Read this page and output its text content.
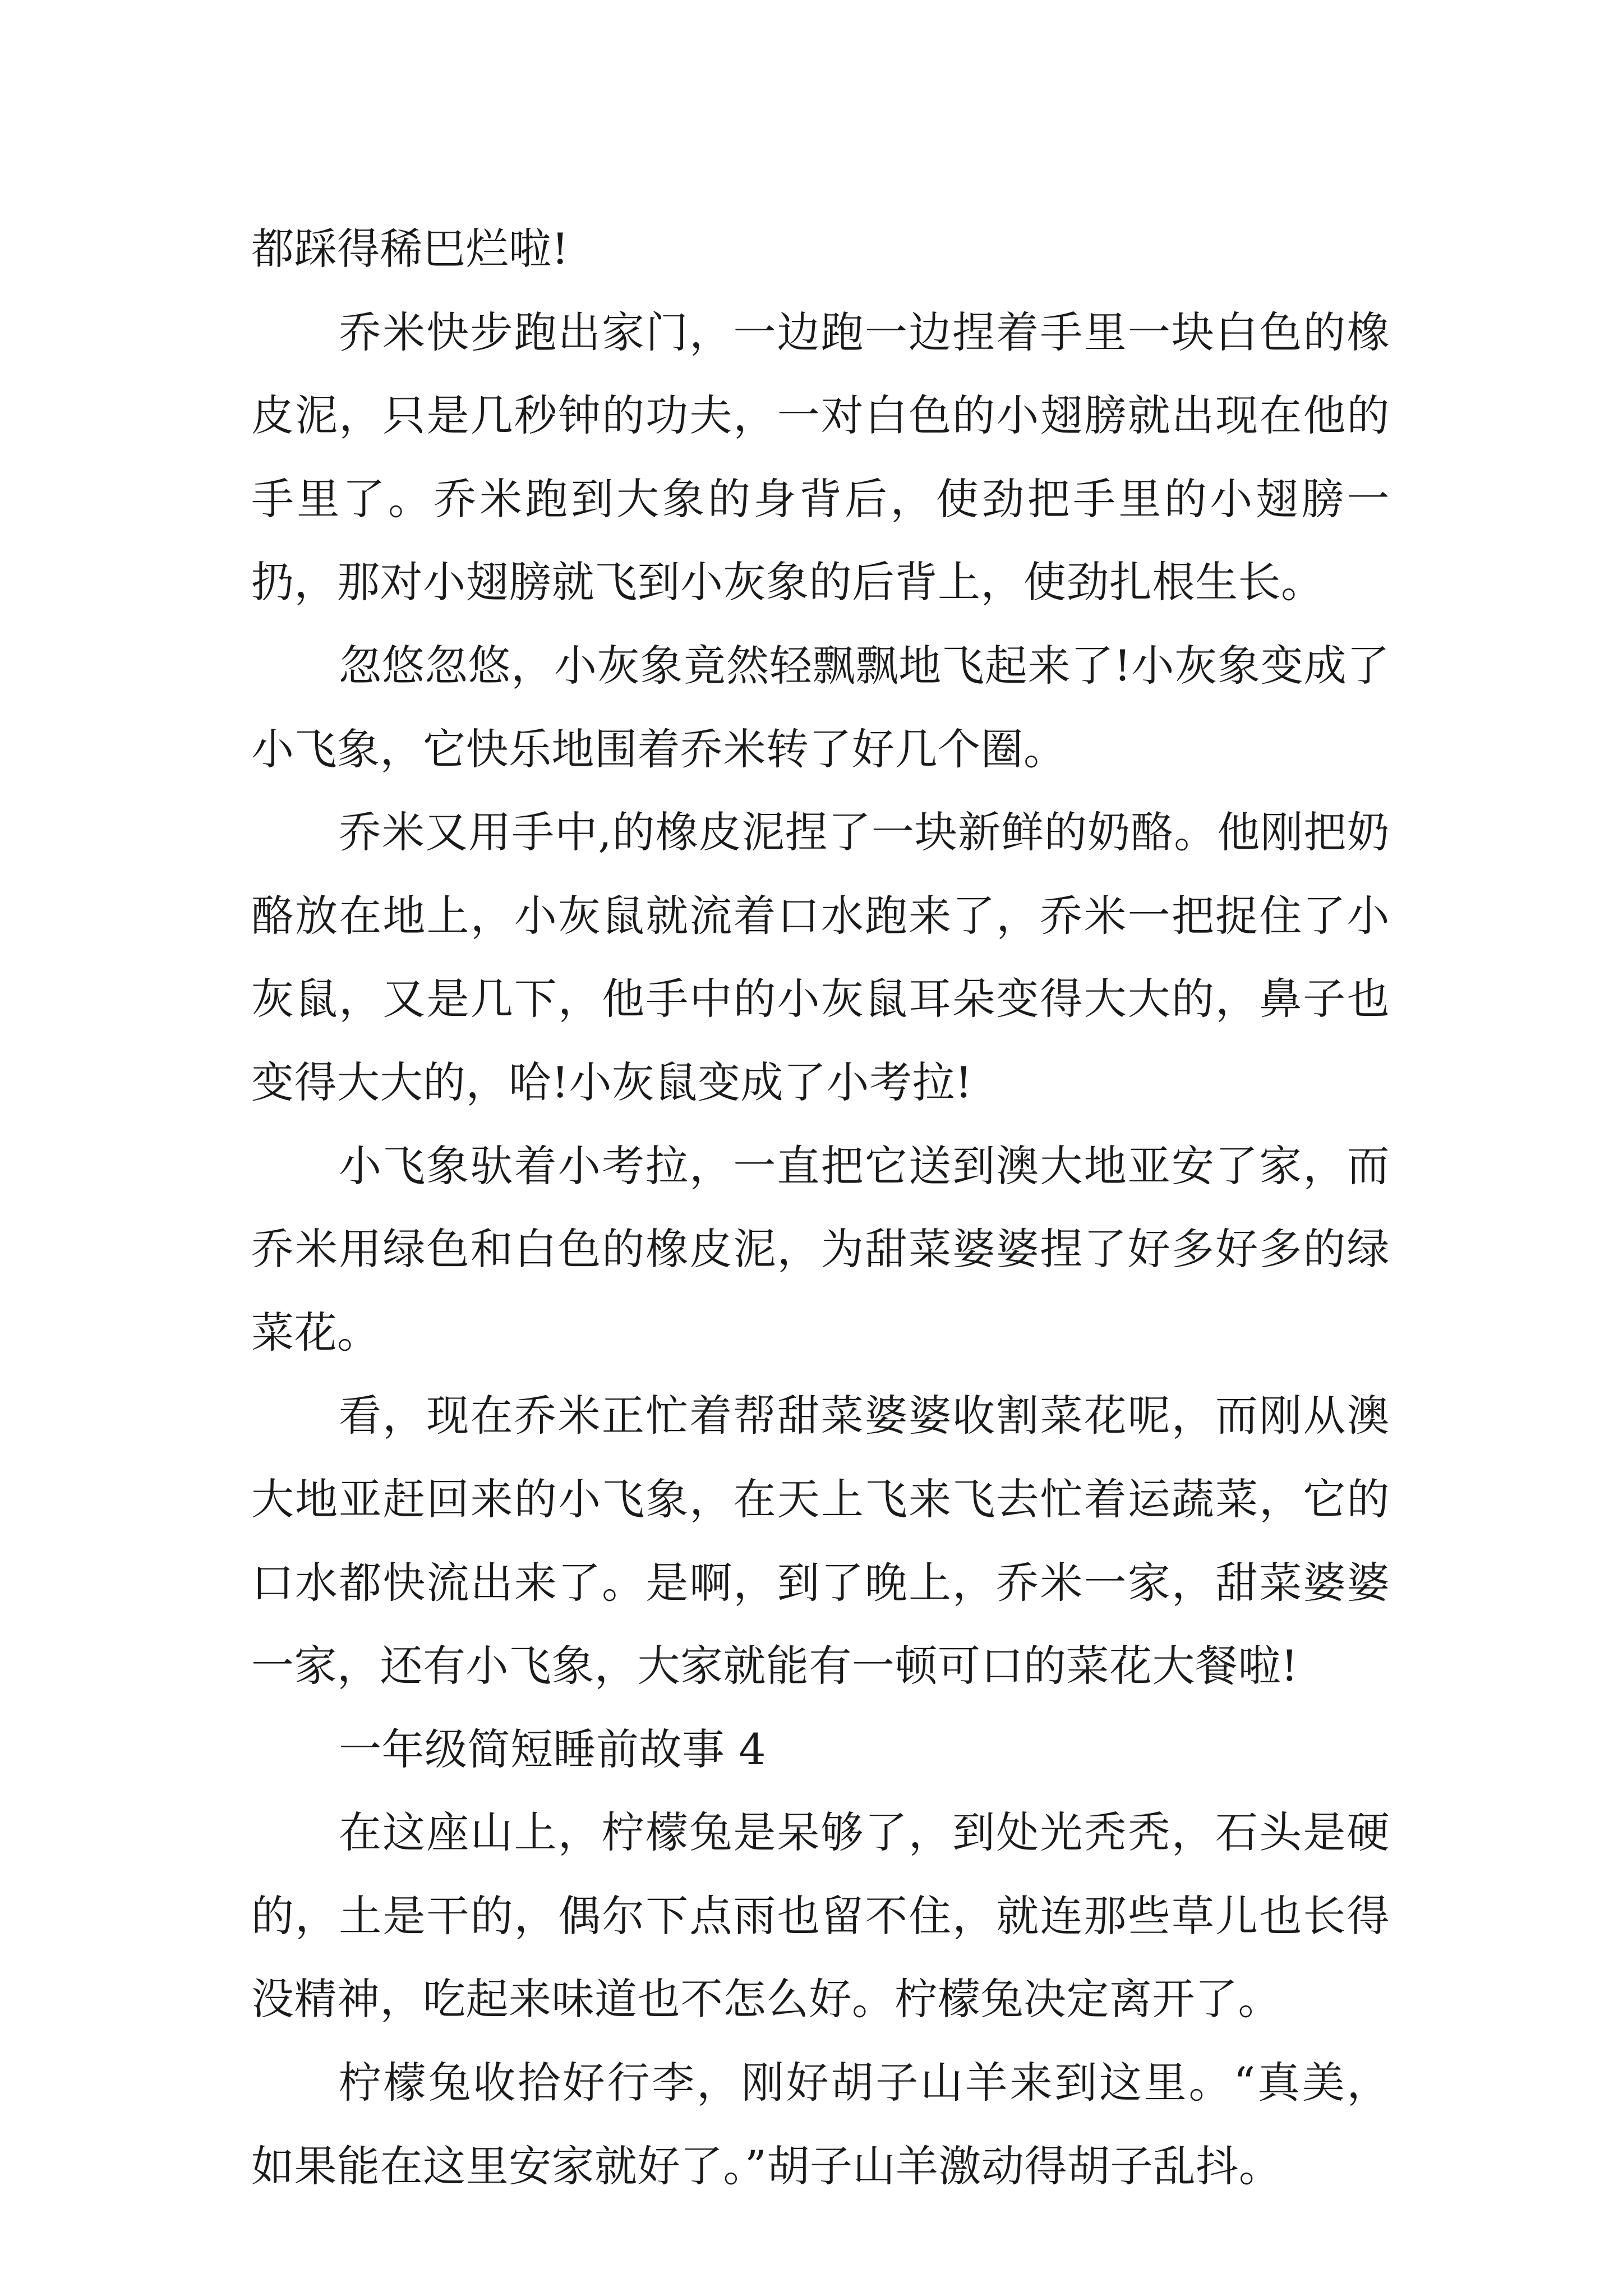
都踩得稀巴烂啦!

乔米快步跑出家门，一边跑一边捏着手里一块白色的橡皮泥，只是几秒钟的功夫，一对白色的小翅膀就出现在他的手里了。乔米跑到大象的身背后，使劲把手里的小翅膀一扔，那对小翅膀就飞到小灰象的后背上，使劲扎根生长。

忽悠忽悠，小灰象竟然轻飘飘地飞起来了!小灰象变成了小飞象，它快乐地围着乔米转了好几个圈。

乔米又用手中,的橡皮泥捏了一块新鲜的奶酪。他刚把奶酪放在地上，小灰鼠就流着口水跑来了，乔米一把捉住了小灰鼠，又是几下，他手中的小灰鼠耳朵变得大大的，鼻子也变得大大的，哈!小灰鼠变成了小考拉!

小飞象驮着小考拉，一直把它送到澳大地亚安了家，而乔米用绿色和白色的橡皮泥，为甜菜婆婆捏了好多好多的绿菜花。

看，现在乔米正忙着帮甜菜婆婆收割菜花呢，而刚从澳大地亚赶回来的小飞象，在天上飞来飞去忙着运蔬菜，它的口水都快流出来了。是啊，到了晚上，乔米一家，甜菜婆婆一家，还有小飞象，大家就能有一顿可口的菜花大餐啦!

一年级简短睡前故事 4

在这座山上，柠檬兔是呆够了，到处光秃秃，石头是硬的，土是干的，偶尔下点雨也留不住，就连那些草儿也长得没精神，吃起来味道也不怎么好。柠檬兔决定离开了。

柠檬兔收拾好行李，刚好胡子山羊来到这里。“真美，如果能在这里安家就好了。”胡子山羊激动得胡子乱抖。
